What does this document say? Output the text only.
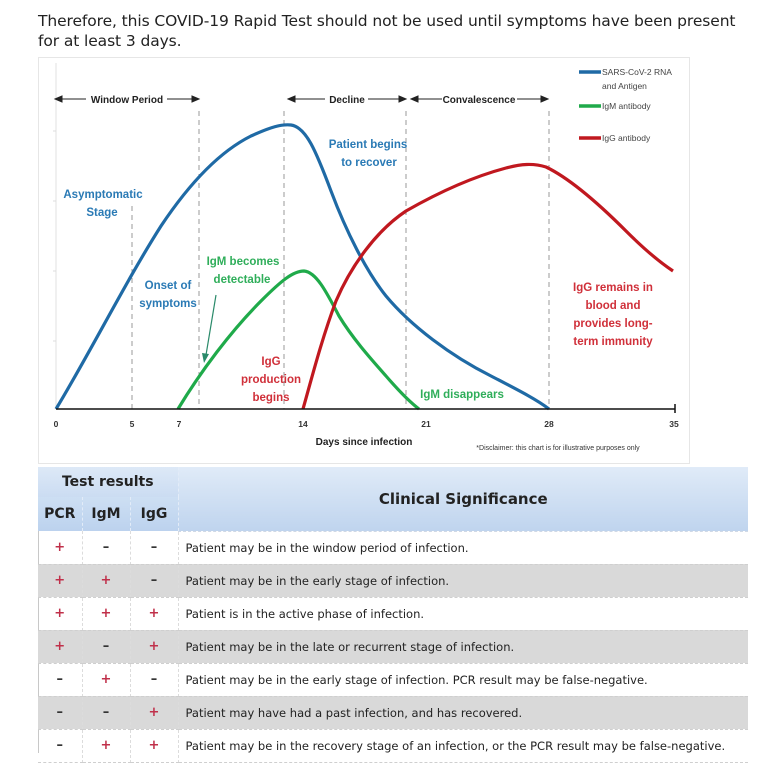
Therefore, this COVID-19 Rapid Test should not be used until symptoms have been present for at least 3 days.
Window Period	Decline	Convalescence
0	5	7	14	21	28	35
Days since infection
*Disclaimer: this chart is for illustrative purposes only
SARS-CoV-2 RNA
and Antigen
IgM antibody
IgG antibody
Asymptomatic
Stage
Onset of
symptoms
Patient begins
to recover
IgM becomes
detectable
IgM disappears
IgG
production
begins
IgG remains in
blood and
provides long-
term immunity
Test results			Clinical Significance
PCR	IgM	IgG	
+	–	–	Patient may be in the window period of infection.
+	+	–	Patient may be in the early stage of infection.
+	+	+	Patient is in the active phase of infection.
+	–	+	Patient may be in the late or recurrent stage of infection.
–	+	–	Patient may be in the early stage of infection. PCR result may be false-negative.
–	–	+	Patient may have had a past infection, and has recovered.
–	+	+	Patient may be in the recovery stage of an infection, or the PCR result may be false-negative.
